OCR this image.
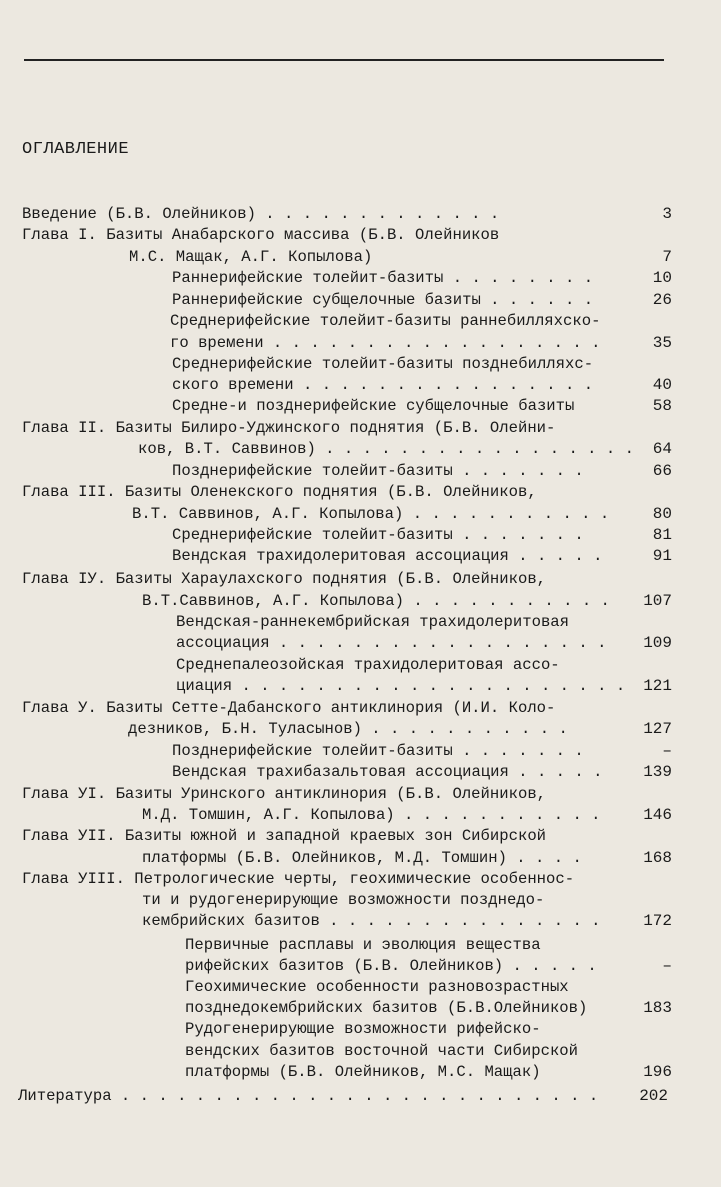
ОГЛАВЛЕНИЕ
Введение (Б.В. Олейников) . . . . . . . . . . . . .	3
Глава I. Базиты Анабарского массива (Б.В. Олейников
М.С. Мащак, А.Г. Копылова)	7
Раннерифейские толейит-базиты . . . . . . . .	10
Раннерифейские субщелочные базиты . . . . . .	26
Среднерифейские толейит-базиты раннебилляхско-
го времени . . . . . . . . . . . . . . . . . .	35
Среднерифейские толейит-базиты позднебилляхс-
ского времени . . . . . . . . . . . . . . . .	40
Средне-и позднерифейские субщелочные базиты	58
Глава II. Базиты Билиро-Уджинского поднятия (Б.В. Олейни-
ков, В.Т. Саввинов) . . . . . . . . . . . . . . . . . 64
Позднерифейские толейит-базиты . . . . . . .	66
Глава III. Базиты Оленекского поднятия (Б.В. Олейников,
В.Т. Саввинов, А.Г. Копылова) . . . . . . . . . . .	80
Среднерифейские толейит-базиты . . . . . . .	81
Вендская трахидолеритовая ассоциация . . . . .	91
Глава IУ. Базиты Хараулахского поднятия (Б.В. Олейников,
В.Т.Саввинов, А.Г. Копылова) . . . . . . . . . . . 107
Вендская-раннекембрийская трахидолеритовая
ассоциация . . . . . . . . . . . . . . . . . . 109
Среднепалеозойская трахидолеритовая ассо-
циация . . . . . . . . . . . . . . . . . . . . . 121
Глава У. Базиты Сетте-Дабанского антиклинория (И.И. Коло-
дезников, Б.Н. Туласынов) . . . . . . . . . . .	127
Позднерифейские толейит-базиты . . . . . . .	–
Вендская трахибазальтовая ассоциация . . . . .	139
Глава УI. Базиты Уринского антиклинория (Б.В. Олейников,
М.Д. Томшин, А.Г. Копылова) . . . . . . . . . . .	146
Глава УII. Базиты южной и западной краевых зон Сибирской
платформы (Б.В. Олейников, М.Д. Томшин) . . . .	168
Глава УIII. Петрологические черты, геохимические особеннос-
ти и рудогенерирующие возможности позднедо-
кембрийских базитов . . . . . . . . . . . . . . .	172
Первичные расплавы и эволюция вещества
рифейских базитов (Б.В. Олейников) . . . . .	–
Геохимические особенности разновозрастных
позднедокембрийских базитов (Б.В.Олейников)	183
Рудогенерирующие возможности рифейско-
вендских базитов восточной части Сибирской
платформы (Б.В. Олейников, М.С. Мащак)	196
Литература . . . . . . . . . . . . . . . . . . . . . . . . . .	202
